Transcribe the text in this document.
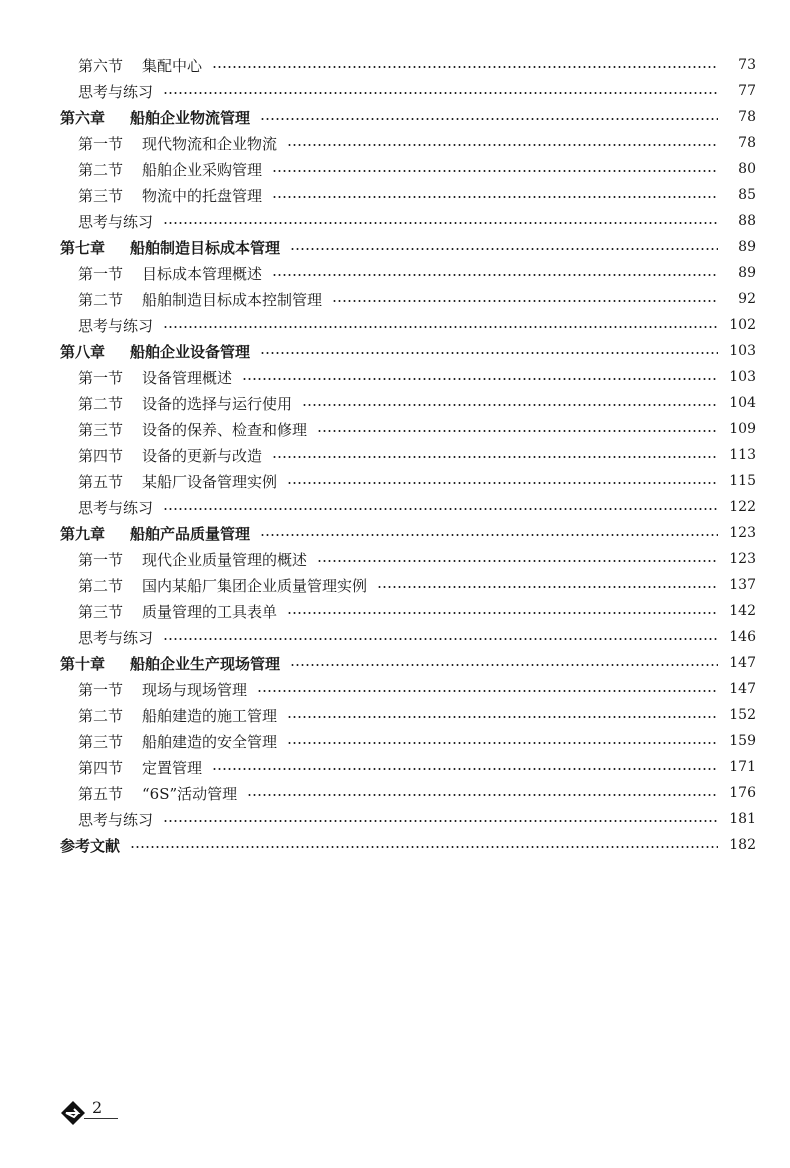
第六节	集配中心	73
思考与练习	77
第六章	船舶企业物流管理	78
第一节	现代物流和企业物流	78
第二节	船舶企业采购管理	80
第三节	物流中的托盘管理	85
思考与练习	88
第七章	船舶制造目标成本管理	89
第一节	目标成本管理概述	89
第二节	船舶制造目标成本控制管理	92
思考与练习	102
第八章	船舶企业设备管理	103
第一节	设备管理概述	103
第二节	设备的选择与运行使用	104
第三节	设备的保养、检查和修理	109
第四节	设备的更新与改造	113
第五节	某船厂设备管理实例	115
思考与练习	122
第九章	船舶产品质量管理	123
第一节	现代企业质量管理的概述	123
第二节	国内某船厂集团企业质量管理实例	137
第三节	质量管理的工具表单	142
思考与练习	146
第十章	船舶企业生产现场管理	147
第一节	现场与现场管理	147
第二节	船舶建造的施工管理	152
第三节	船舶建造的安全管理	159
第四节	定置管理	171
第五节	“6S”活动管理	176
思考与练习	181
参考文献	182
2
